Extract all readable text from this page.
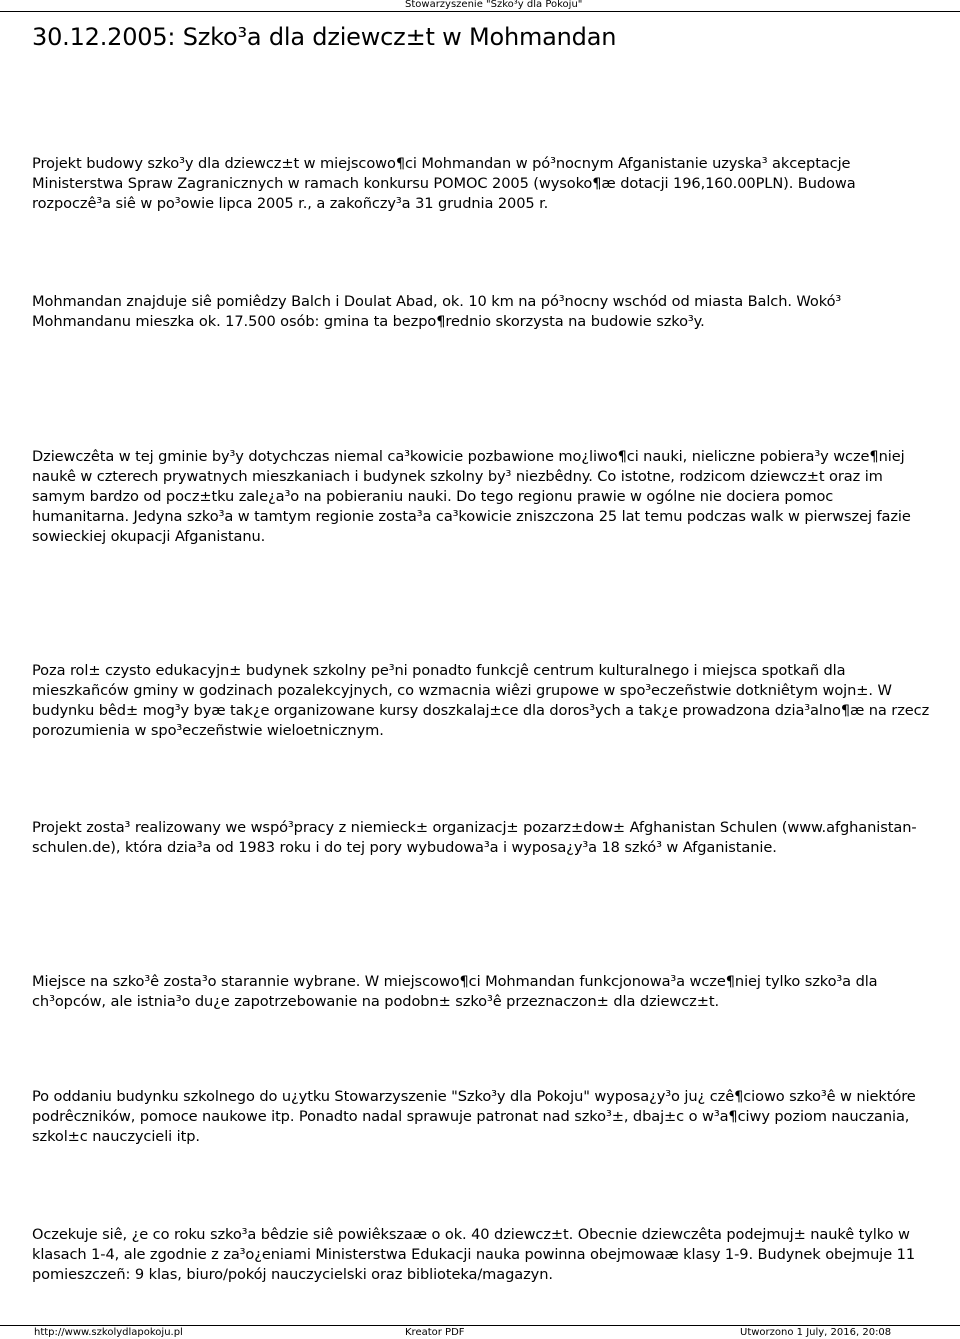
Stowarzyszenie "Szko³y dla Pokoju"
30.12.2005: Szko³a dla dziewcz±t w Mohmandan

Projekt budowy szko³y dla dziewcz±t w miejscowo¶ci Mohmandan w pó³nocnym Afganistanie uzyska³ akceptacje Ministerstwa Spraw Zagranicznych w ramach konkursu POMOC 2005 (wysoko¶æ dotacji 196,160.00PLN). Budowa rozpoczê³a siê w po³owie lipca 2005 r., a zakoñczy³a 31 grudnia 2005 r.

Mohmandan znajduje siê pomiêdzy Balch i Doulat Abad, ok. 10 km na pó³nocny wschód od miasta Balch. Wokó³ Mohmandanu mieszka ok. 17.500 osób: gmina ta bezpo¶rednio skorzysta na budowie szko³y.

Dziewczêta w tej gminie by³y dotychczas niemal ca³kowicie pozbawione mo¿liwo¶ci nauki, nieliczne pobiera³y wcze¶niej naukê w czterech prywatnych mieszkaniach i budynek szkolny by³ niezbêdny. Co istotne, rodzicom dziewcz±t oraz im samym bardzo od pocz±tku zale¿a³o na pobieraniu nauki. Do tego regionu prawie w ogólne nie dociera pomoc humanitarna. Jedyna szko³a w tamtym regionie zosta³a ca³kowicie zniszczona 25 lat temu podczas walk w pierwszej fazie sowieckiej okupacji Afganistanu.

Poza rol± czysto edukacyjn± budynek szkolny pe³ni ponadto funkcjê centrum kulturalnego i miejsca spotkañ dla mieszkañców gminy w godzinach pozalekcyjnych, co wzmacnia wiêzi grupowe w spo³eczeñstwie dotkniêtym wojn±. W budynku bêd± mog³y byæ tak¿e organizowane kursy doszkalaj±ce dla doros³ych a tak¿e prowadzona dzia³alno¶æ na rzecz porozumienia w spo³eczeñstwie wieloetnicznym.

Projekt zosta³ realizowany we wspó³pracy z niemieck± organizacj± pozarz±dow± Afghanistan Schulen (www.afghanistan-schulen.de), która dzia³a od 1983 roku i do tej pory wybudowa³a i wyposa¿y³a 18 szkó³ w Afganistanie.

Miejsce na szko³ê zosta³o starannie wybrane. W miejscowo¶ci Mohmandan funkcjonowa³a wcze¶niej tylko szko³a dla ch³opców, ale istnia³o du¿e zapotrzebowanie na podobn± szko³ê przeznaczon± dla dziewcz±t.

Po oddaniu budynku szkolnego do u¿ytku Stowarzyszenie "Szko³y dla Pokoju" wyposa¿y³o ju¿ czê¶ciowo szko³ê w niektóre podrêczników, pomoce naukowe itp. Ponadto nadal sprawuje patronat nad szko³±, dbaj±c o w³a¶ciwy poziom nauczania, szkol±c nauczycieli itp.

Oczekuje siê, ¿e co roku szko³a bêdzie siê powiêkszaæ o ok. 40 dziewcz±t. Obecnie dziewczêta podejmuj± naukê tylko w klasach 1-4, ale zgodnie z za³o¿eniami Ministerstwa Edukacji nauka powinna obejmowaæ klasy 1-9. Budynek obejmuje 11 pomieszczeñ: 9 klas, biuro/pokój nauczycielski oraz biblioteka/magazyn.

http://www.szkolydlapokoju.pl	Kreator PDF	Utworzono 1 July, 2016, 20:08
